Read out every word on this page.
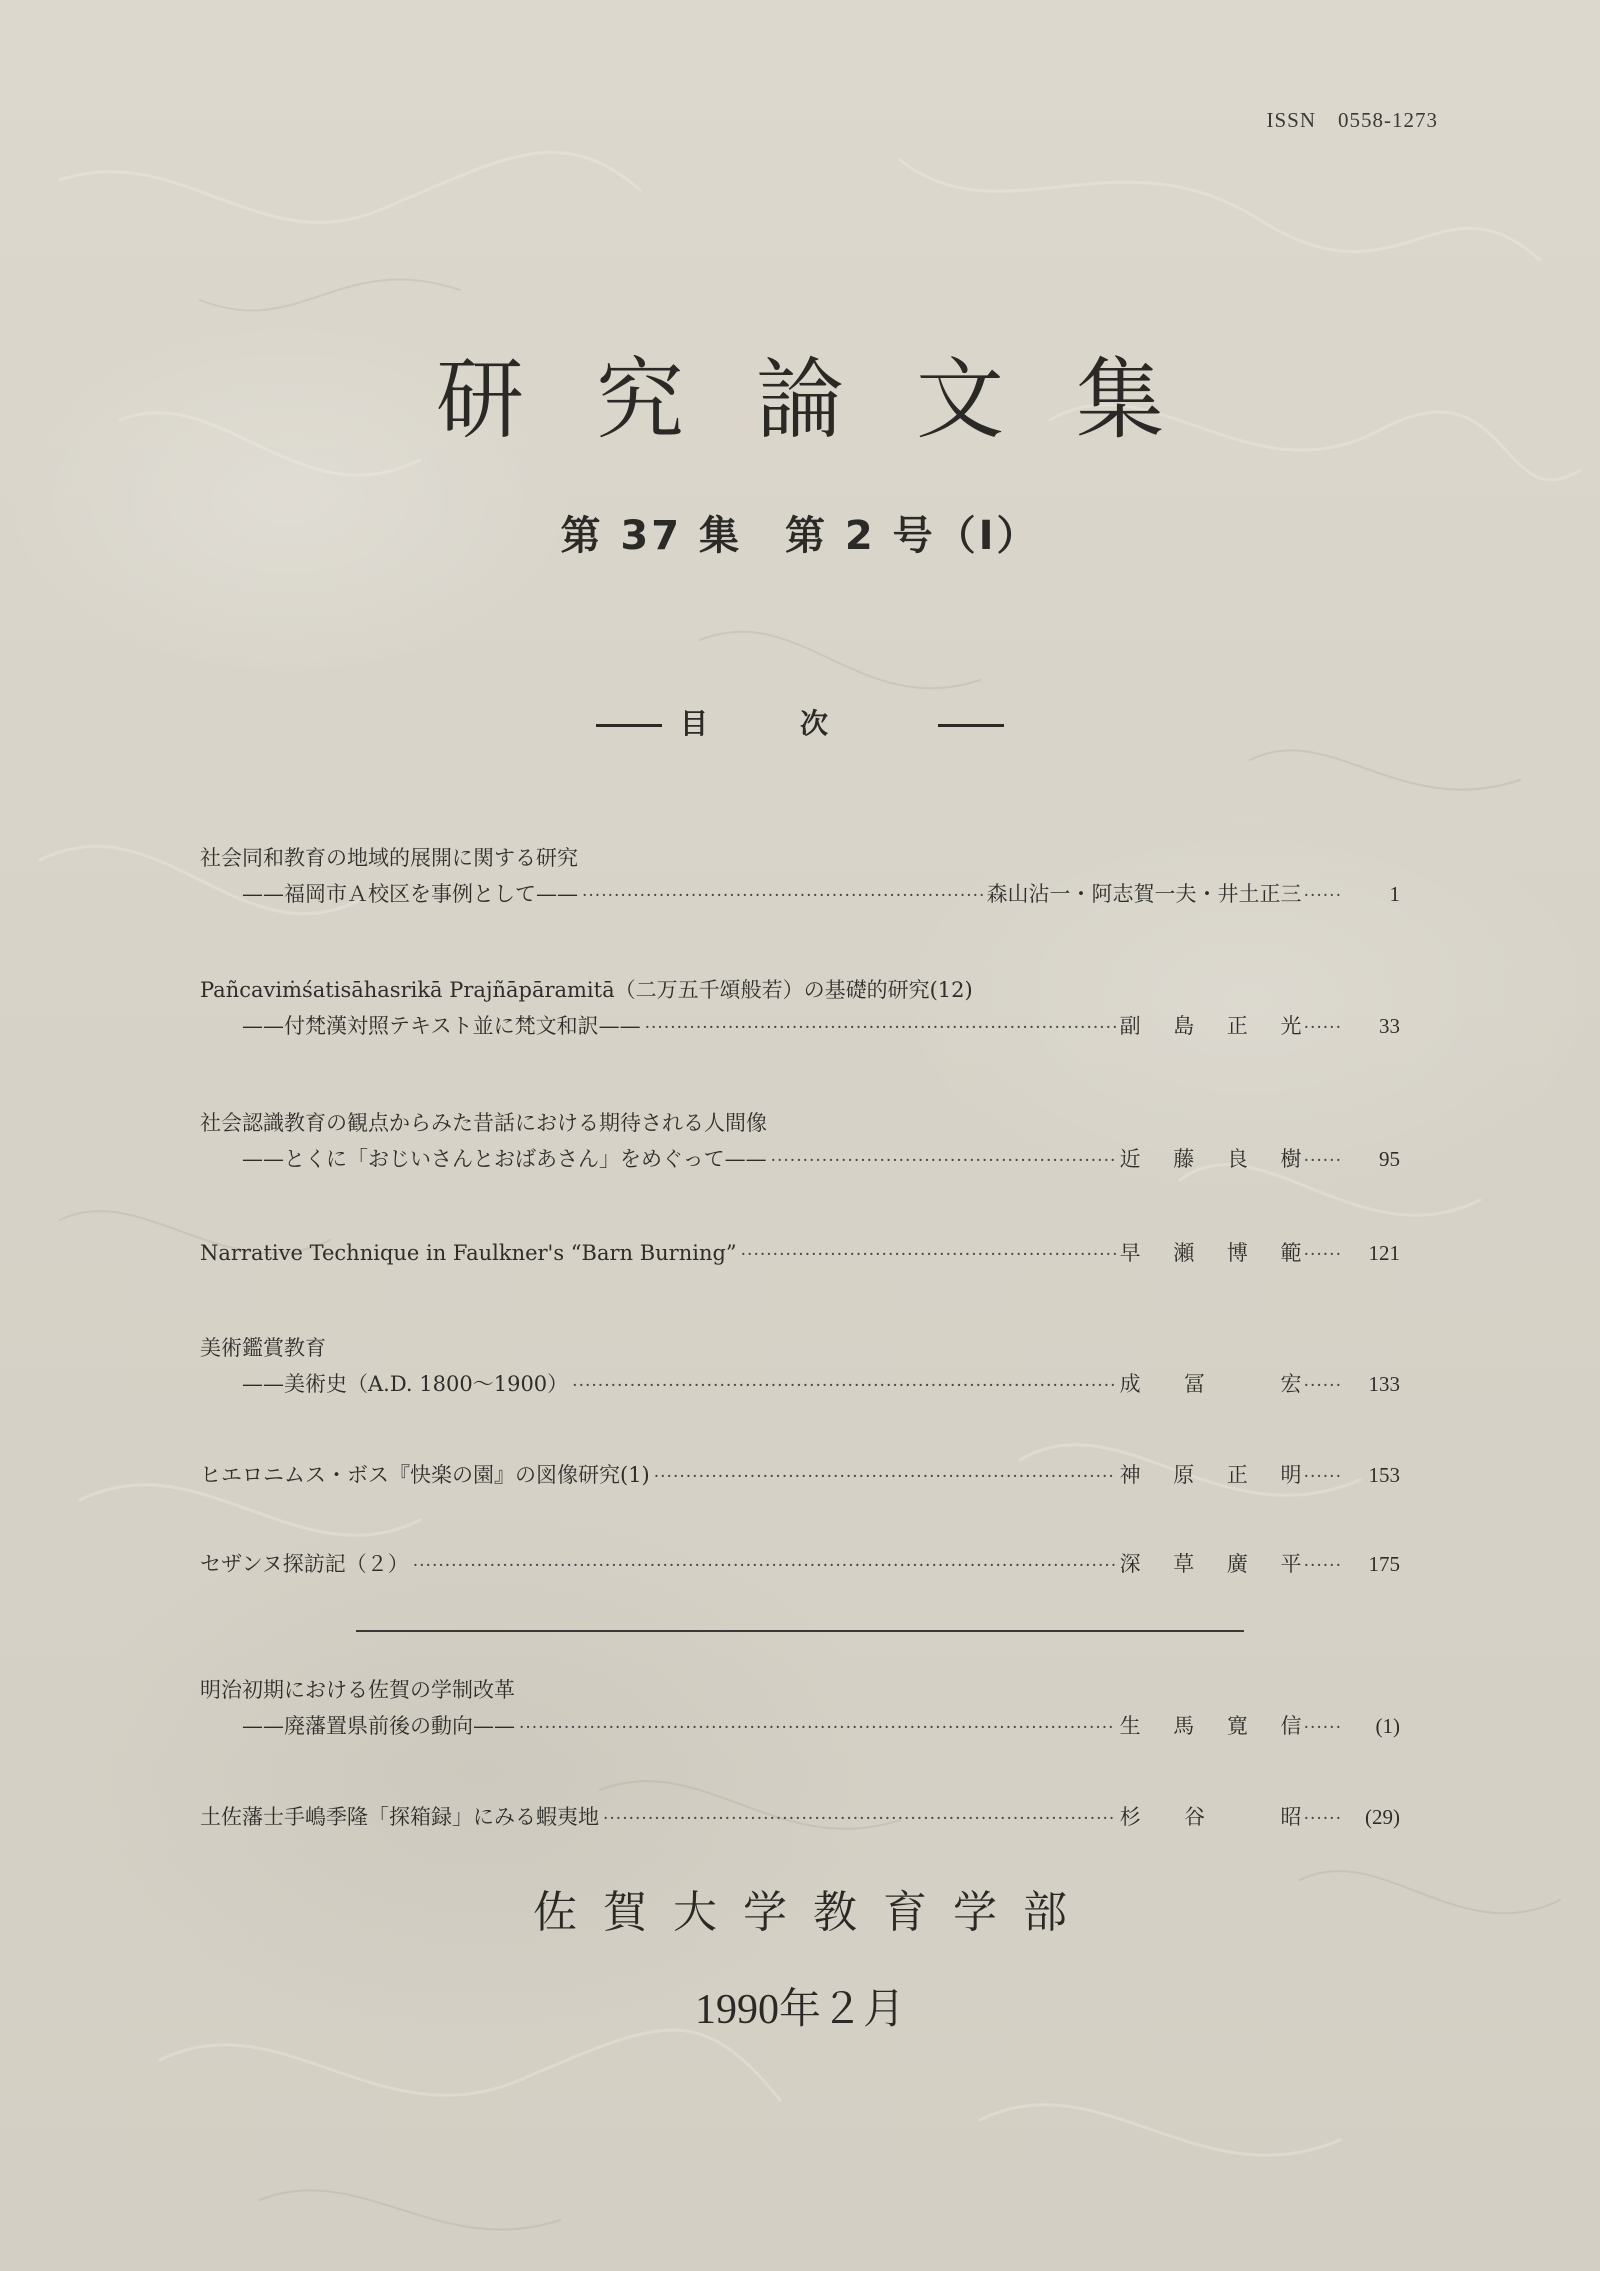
ISSN　0558-1273
研究論文集
第 37 集　第 2 号（Ⅰ）
目次
社会同和教育の地域的展開に関する研究
——福岡市Ａ校区を事例として—— ·····	森山沾一・阿志賀一夫・井土正三 ······	1
Pañcaviṁśatisāhasrikā Prajñāpāramitā（二万五千頌般若）の基礎的研究(12)
——付梵漢対照テキスト並に梵文和訳—— ·····	副　島　正　光 ······	33
社会認識教育の観点からみた昔話における期待される人間像
——とくに「おじいさんとおばあさん」をめぐって—— ·····	近　藤　良　樹 ······	95
Narrative Technique in Faulkner's “Barn Burning” ·····	早　瀬　博　範 ······	121
美術鑑賞教育
——美術史（A.D. 1800～1900） ·····	成　冨　　宏 ······	133
ヒエロニムス・ボス『快楽の園』の図像研究(1) ·····	神　原　正　明 ······	153
セザンヌ探訪記（２） ·····	深　草　廣　平 ······	175
明治初期における佐賀の学制改革
——廃藩置県前後の動向—— ·····	生　馬　寛　信 ······	(1)
土佐藩士手嶋季隆「探箱録」にみる蝦夷地 ·····	杉　谷　　昭 ······	(29)
佐賀大学教育学部
1990年２月
